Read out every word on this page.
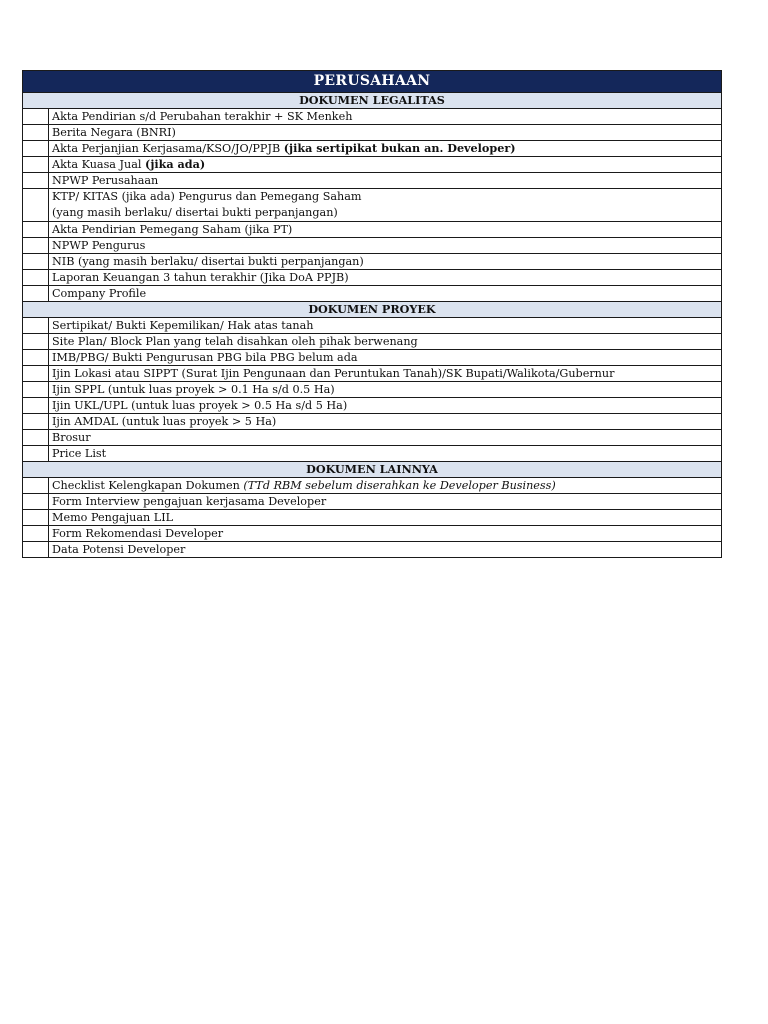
PERUSAHAAN	
DOKUMEN LEGALITAS	
	Akta Pendirian s/d Perubahan terakhir + SK Menkeh
	Berita Negara (BNRI)
	Akta Perjanjian Kerjasama/KSO/JO/PPJB (jika sertipikat bukan an. Developer)
	Akta Kuasa Jual (jika ada)
	NPWP Perusahaan
	KTP/ KITAS (jika ada) Pengurus dan Pemegang Saham
(yang masih berlaku/ disertai bukti perpanjangan)
	Akta Pendirian Pemegang Saham (jika PT)
	NPWP Pengurus
	NIB (yang masih berlaku/ disertai bukti perpanjangan)
	Laporan Keuangan 3 tahun terakhir (Jika DoA PPJB)
	Company Profile
DOKUMEN PROYEK	
	Sertipikat/ Bukti Kepemilikan/ Hak atas tanah
	Site Plan/ Block Plan yang telah disahkan oleh pihak berwenang
	IMB/PBG/ Bukti Pengurusan PBG bila PBG belum ada
	Ijin Lokasi atau SIPPT (Surat Ijin Pengunaan dan Peruntukan Tanah)/SK Bupati/Walikota/Gubernur
	Ijin SPPL (untuk luas proyek > 0.1 Ha s/d 0.5 Ha)
	Ijin UKL/UPL (untuk luas proyek > 0.5 Ha s/d 5 Ha)
	Ijin AMDAL (untuk luas proyek > 5 Ha)
	Brosur
	Price List
DOKUMEN LAINNYA	
	Checklist Kelengkapan Dokumen (TTd RBM sebelum diserahkan ke Developer Business)
	Form Interview pengajuan kerjasama Developer
	Memo Pengajuan LIL
	Form Rekomendasi Developer
	Data Potensi Developer
